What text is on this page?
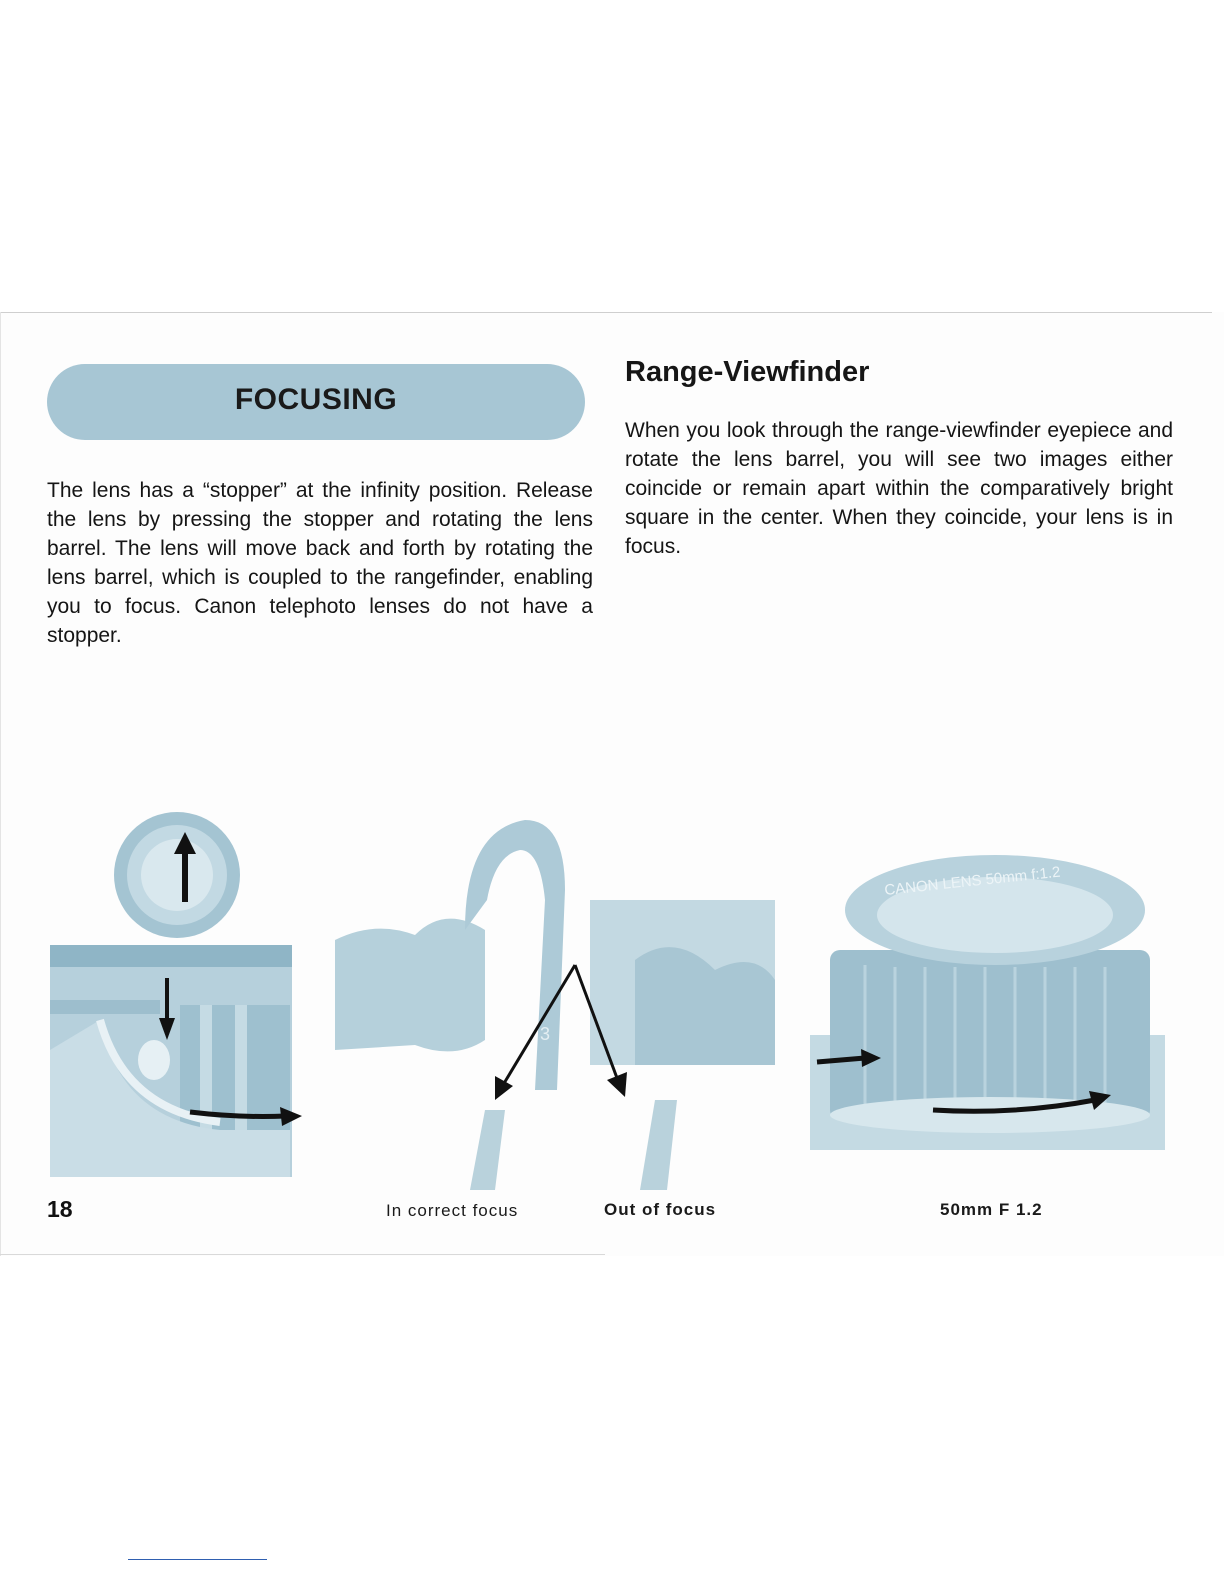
FOCUSING

The lens has a “stopper” at the infinity position. Release the lens by pressing the stopper and rotating the lens barrel. The lens will move back and forth by rotating the lens barrel, which is coupled to the rangefinder, enabling you to focus. Canon telephoto lenses do not have a stopper.

Range-Viewfinder

When you look through the range-viewfinder eyepiece and rotate the lens barrel, you will see two images either coincide or remain apart within the comparatively bright square in the center. When they coincide, your lens is in focus.

3
CANON LENS 50mm f:1.2
18	In correct focus	Out of focus	50mm F 1.2
